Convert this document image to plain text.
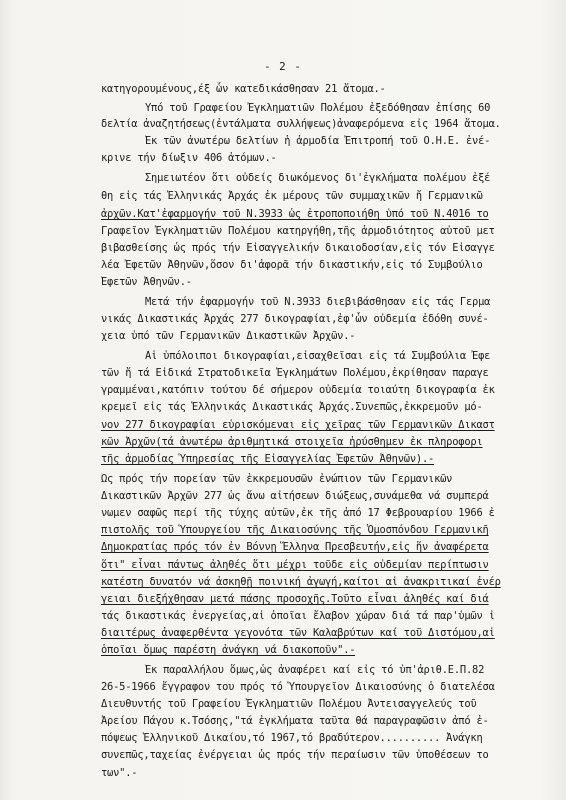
- 2 -
κατηγορουμένους,έξ ὧν κατεδικάσθησαν 21 ἄτομα.-
Ὑπό τοῦ Γραφείου Ἐγκληματιῶν Πολέμου ἐξεδόθησαν ἐπίσης 60
δελτία ἀναζητήσεως(ἐντάλματα συλλήψεως)ἀναφερόμενα εἰς 1964 ἄτομα.
Ἐκ τῶν ἀνωτέρω δελτίων ἡ ἁρμοδία Ἐπιτροπή τοῦ Ο.Η.Ε. ἐνέ-
κρινε τήν δίωξιν 406 ἀτόμων.-
Σημειωτέον ὅτι οὐδείς διωκόμενος δι'ἐγκλήματα πολέμου ἐξέ
θη εἰς τάς Ἑλληνικάς Ἀρχάς ἐκ μέρους τῶν συμμαχικῶν ἤ Γερμανικῶ
ἀρχῶν.Κατ'ἐφαρμογήν τοῦ Ν.3933 ὡς ἐτροποποιήθη ὑπό τοῦ Ν.4016 το
Γραφεῖον Ἐγκληματιῶν Πολέμου κατηργήθη,τῆς ἁρμοδιότητος αὐτοῦ μετ
βιβασθείσης ὡς πρός τήν Εἰσαγγελικήν δικαιοδοσίαν,εἰς τόν Εἰσαγγε
λέα Ἐφετῶν Ἀθηνῶν,ὅσον δι'ἀφορᾶ τήν δικαστικήν,εἰς τό Συμβούλιο
Ἐφετῶν Ἀθηνῶν.-
Μετά τήν ἐφαρμογήν τοῦ Ν.3933 διεβιβάσθησαν εἰς τάς Γερμα
νικάς Δικαστικάς Ἀρχάς 277 δικογραφίαι,ἐφ'ὧν οὐδεμία ἐδόθη συνέ-
χεια ὑπό τῶν Γερμανικῶν Δικαστικῶν Ἀρχῶν.-
Αἱ ὑπόλοιποι δικογραφίαι,εἰσαχθεῖσαι εἰς τά Συμβούλια Ἐφε
τῶν ἤ τά Εἰδικά Στρατοδικεῖα Ἐγκλημάτων Πολέμου,ἐκρίθησαν παραγε
γραμμέναι,κατόπιν τούτου δέ σήμερον οὐδεμία τοιαύτη δικογραφία ἐκ
κρεμεῖ εἰς τάς Ἑλληνικάς Δικαστικάς Ἀρχάς.Συνεπῶς,ἐκκρεμοῦν μό-
νον 277 δικογραφίαι εὑρισκόμεναι εἰς χεῖρας τῶν Γερμανικῶν Δικαστ
κῶν Ἀρχῶν(τά ἀνωτέρω ἀριθμητικά στοιχεῖα ἠρύσθημεν ἐκ πληροφορι
τῆς ἁρμοδίας Ὑπηρεσίας τῆς Εἰσαγγελίας Ἐφετῶν Ἀθηνῶν).-
Ὡς πρός τήν πορείαν τῶν ἐκκρεμουσῶν ἐνώπιον τῶν Γερμανικῶν
Δικαστικῶν Ἀρχῶν 277 ὡς ἄνω αἰτήσεων διώξεως,συνάμεθα νά συμπερά
νωμεν σαφῶς περί τῆς τύχης αὐτῶν,ἐκ τῆς ἀπό 17 Φεβρουαρίου 1966 ἐ
πιστολῆς τοῦ Ὑπουργείου τῆς Δικαιοσύνης τῆς Ὁμοσπόνδου Γερμανικῆ
Δημοκρατίας πρός τόν ἐν Βόννῃ Ἕλληνα Πρεσβευτήν,εἰς ἥν ἀναφέρετα
ὅτι" εἶναι πάντως ἀληθές ὅτι μέχρι τοῦδε εἰς οὐδεμίαν περίπτωσιν
κατέστη δυνατόν νά ἀσκηθῇ ποινική ἀγωγή,καίτοι αἱ ἀνακριτικαί ἐνέρ
γειαι διεξήχθησαν μετά πάσης προσοχῆς.Τοῦτο εἶναι ἀληθές καί διά
τάς δικαστικάς ἐνεργείας,αἱ ὁποῖαι ἔλαβον χώραν διά τά παρ'ὑμῶν ἰ
διαιτέρως ἀναφερθέντα γεγονότα τῶν Καλαβρύτων καί τοῦ Διστόμου,αἱ
ὁποῖαι ὅμως παρέστη ἀνάγκη νά διακοποῦν".-
Ἐκ παραλλήλου ὅμως,ὡς ἀναφέρει καί εἰς τό ὑπ'ἀριθ.Ε.Π.82
26-5-1966 ἔγγραφον του πρός τό Ὑπουργεῖον Δικαιοσύνης ὁ διατελέσα
Διευθυντής τοῦ Γραφείου Ἐγκληματιῶν Πολέμου Ἀντεισαγγελεύς τοῦ
Ἀρείου Πάγου κ.Τσόσης,"τά ἐγκλήματα ταῦτα θά παραγραφῶσιν ἀπό ἐ-
πόψεως Ἑλληνικοῦ Δικαίου,τό 1967,τό βραδύτερον.......... Ἀνάγκη
συνεπῶς,ταχείας ἐνέργειαι ὡς πρός τήν περαίωσιν τῶν ὑποθέσεων το
των".-
